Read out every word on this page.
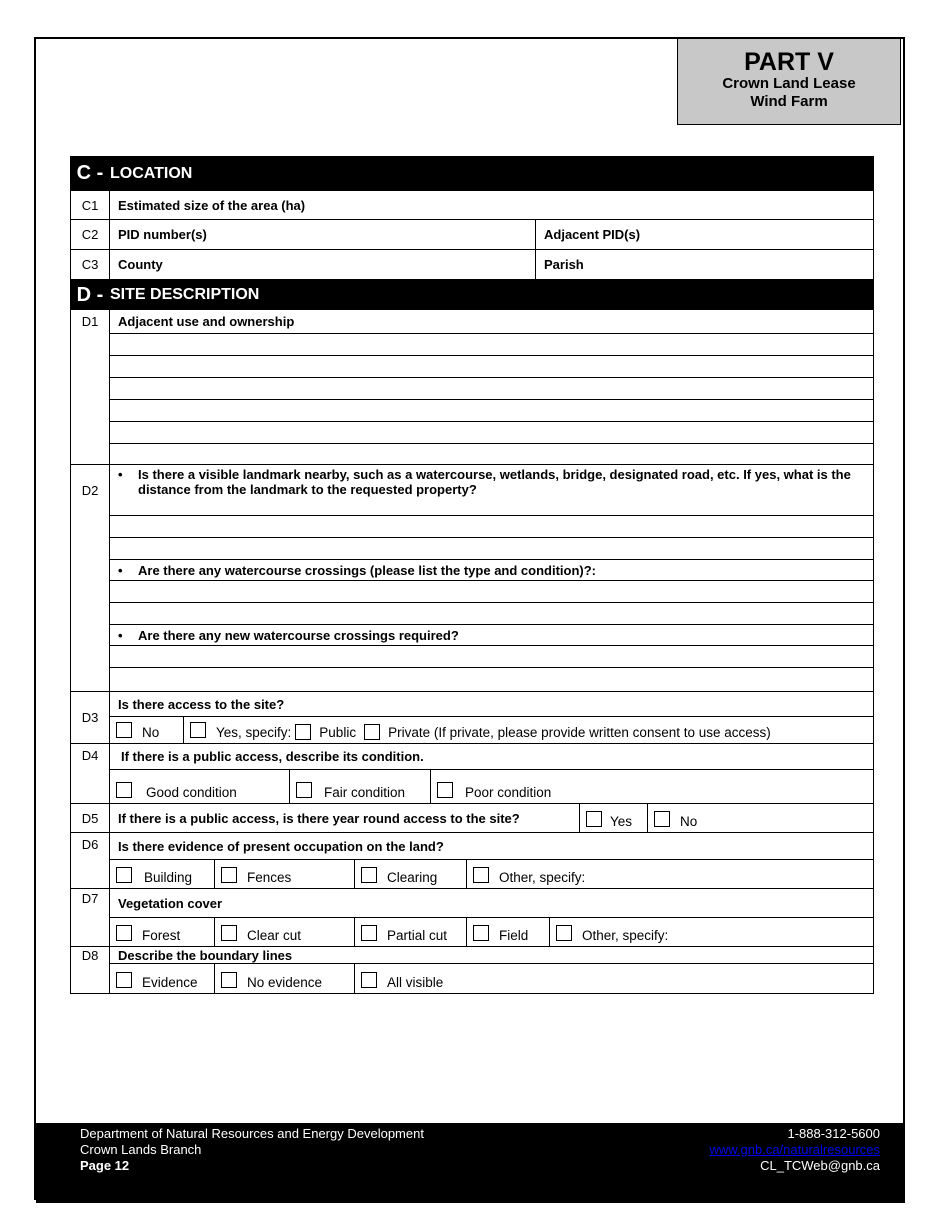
PART V
Crown Land Lease
Wind Farm
C - LOCATION
C1	Estimated size of the area (ha)
C2	PID number(s)	Adjacent PID(s)
C3	County	Parish
D - SITE DESCRIPTION
D1	Adjacent use and ownership
D2
•	Is there a visible landmark nearby, such as a watercourse, wetlands, bridge, designated road, etc. If yes, what is the distance from the landmark to the requested property?
•	Are there any watercourse crossings (please list the type and condition)?:
•	Are there any new watercourse crossings required?
D3
Is there access to the site?
No	Yes, specify: Public Private (If private, please provide written consent to use access)
D4	If there is a public access, describe its condition.
Good condition	Fair condition	Poor condition
D5	If there is a public access, is there year round access to the site?	Yes	No
D6	Is there evidence of present occupation on the land?
Building	Fences	Clearing	Other, specify:
D7	Vegetation cover
Forest	Clear cut	Partial cut	Field	Other, specify:
D8	Describe the boundary lines
Evidence	No evidence	All visible
Department of Natural Resources and Energy Development
Crown Lands Branch
Page 12
1-888-312-5600
www.gnb.ca/naturalresources
CL_TCWeb@gnb.ca
